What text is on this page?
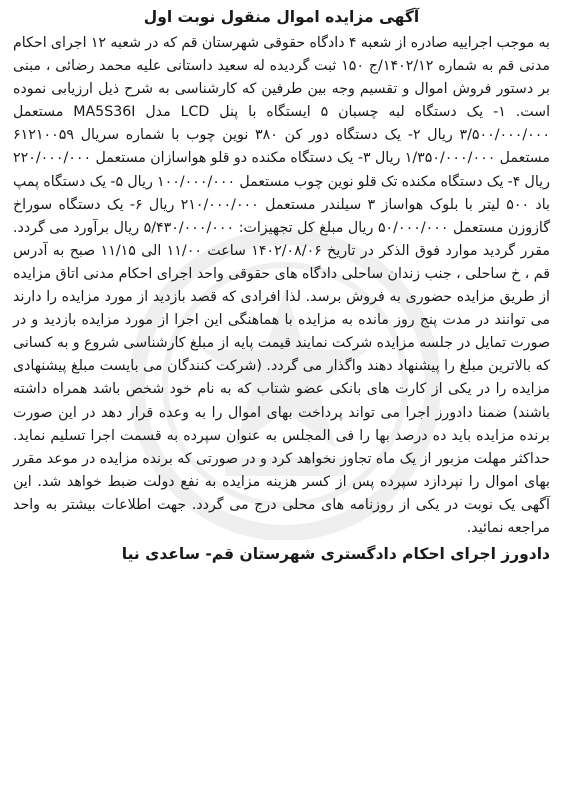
آگهی مزایده اموال منقول نوبت اول

به موجب اجراییه صادره از شعبه ۴ دادگاه حقوقی شهرستان قم که در شعبه ۱۲ اجرای احکام مدنی قم به شماره ۱۴۰۲/۱۲/ج ۱۵۰ ثبت گردیده له سعید داستانی علیه محمد رضائی ، مبنی بر دستور فروش اموال و تقسیم وجه بین طرفین که کارشناسی به شرح ذیل ارزیابی نموده است. ۱- یک دستگاه لبه چسبان ۵ ایستگاه با پنل LCD مدل MA5S36I مستعمل ۳/۵۰۰/۰۰۰/۰۰۰ ریال ۲- یک دستگاه دور کن ۳۸۰ نوین چوب با شماره سریال ۶۱۲۱۰۰۵۹ مستعمل ۱/۳۵۰/۰۰۰/۰۰۰ ریال ۳- یک دستگاه مکنده دو قلو هواسازان مستعمل ۲۲۰/۰۰۰/۰۰۰ ریال ۴- یک دستگاه مکنده تک قلو نوین چوب مستعمل ۱۰۰/۰۰۰/۰۰۰ ریال ۵- یک دستگاه پمپ باد ۵۰۰ لیتر با بلوک هواساز ۳ سیلندر مستعمل ۲۱۰/۰۰۰/۰۰۰ ریال ۶- یک دستگاه سوراخ گازوزن مستعمل ۵۰/۰۰۰/۰۰۰ ریال مبلغ کل تجهیزات: ۵/۴۳۰/۰۰۰/۰۰۰ ریال برآورد می گردد. مقرر گردید موارد فوق الذکر در تاریخ ۱۴۰۲/۰۸/۰۶ ساعت ۱۱/۰۰ الی ۱۱/۱۵ صبح به آدرس قم ، خ ساحلی ، جنب زندان ساحلی دادگاه های حقوقی واحد اجرای احکام مدنی اتاق مزایده از طریق مزایده حضوری به فروش برسد. لذا افرادی که قصد بازدید از مورد مزایده را دارند می توانند در مدت پنج روز مانده به مزایده با هماهنگی این اجرا از مورد مزایده بازدید و در صورت تمایل در جلسه مزایده شرکت نمایند قیمت پایه از مبلغ کارشناسی شروع و به کسانی که بالاترین مبلغ را پیشنهاد دهند واگذار می گردد. (شرکت کنندگان می بایست مبلغ پیشنهادی مزایده را در یکی از کارت های بانکی عضو شتاب که به نام خود شخص باشد همراه داشته باشند) ضمنا دادورز اجرا می تواند پرداخت بهای اموال را به وعده قرار دهد در این صورت برنده مزایده باید ده درصد بها را فی المجلس به عنوان سپرده به قسمت اجرا تسلیم نماید. حداکثر مهلت مزبور از یک ماه تجاوز نخواهد کرد و در صورتی که برنده مزایده در موعد مقرر بهای اموال را نپردازد سپرده پس از کسر هزینه مزایده به نفع دولت ضبط خواهد شد. این آگهی یک نوبت در یکی از روزنامه های محلی درج می گردد. جهت اطلاعات بیشتر به واحد مراجعه نمائید.

دادورز اجرای احکام دادگستری شهرستان قم- ساعدی نیا
